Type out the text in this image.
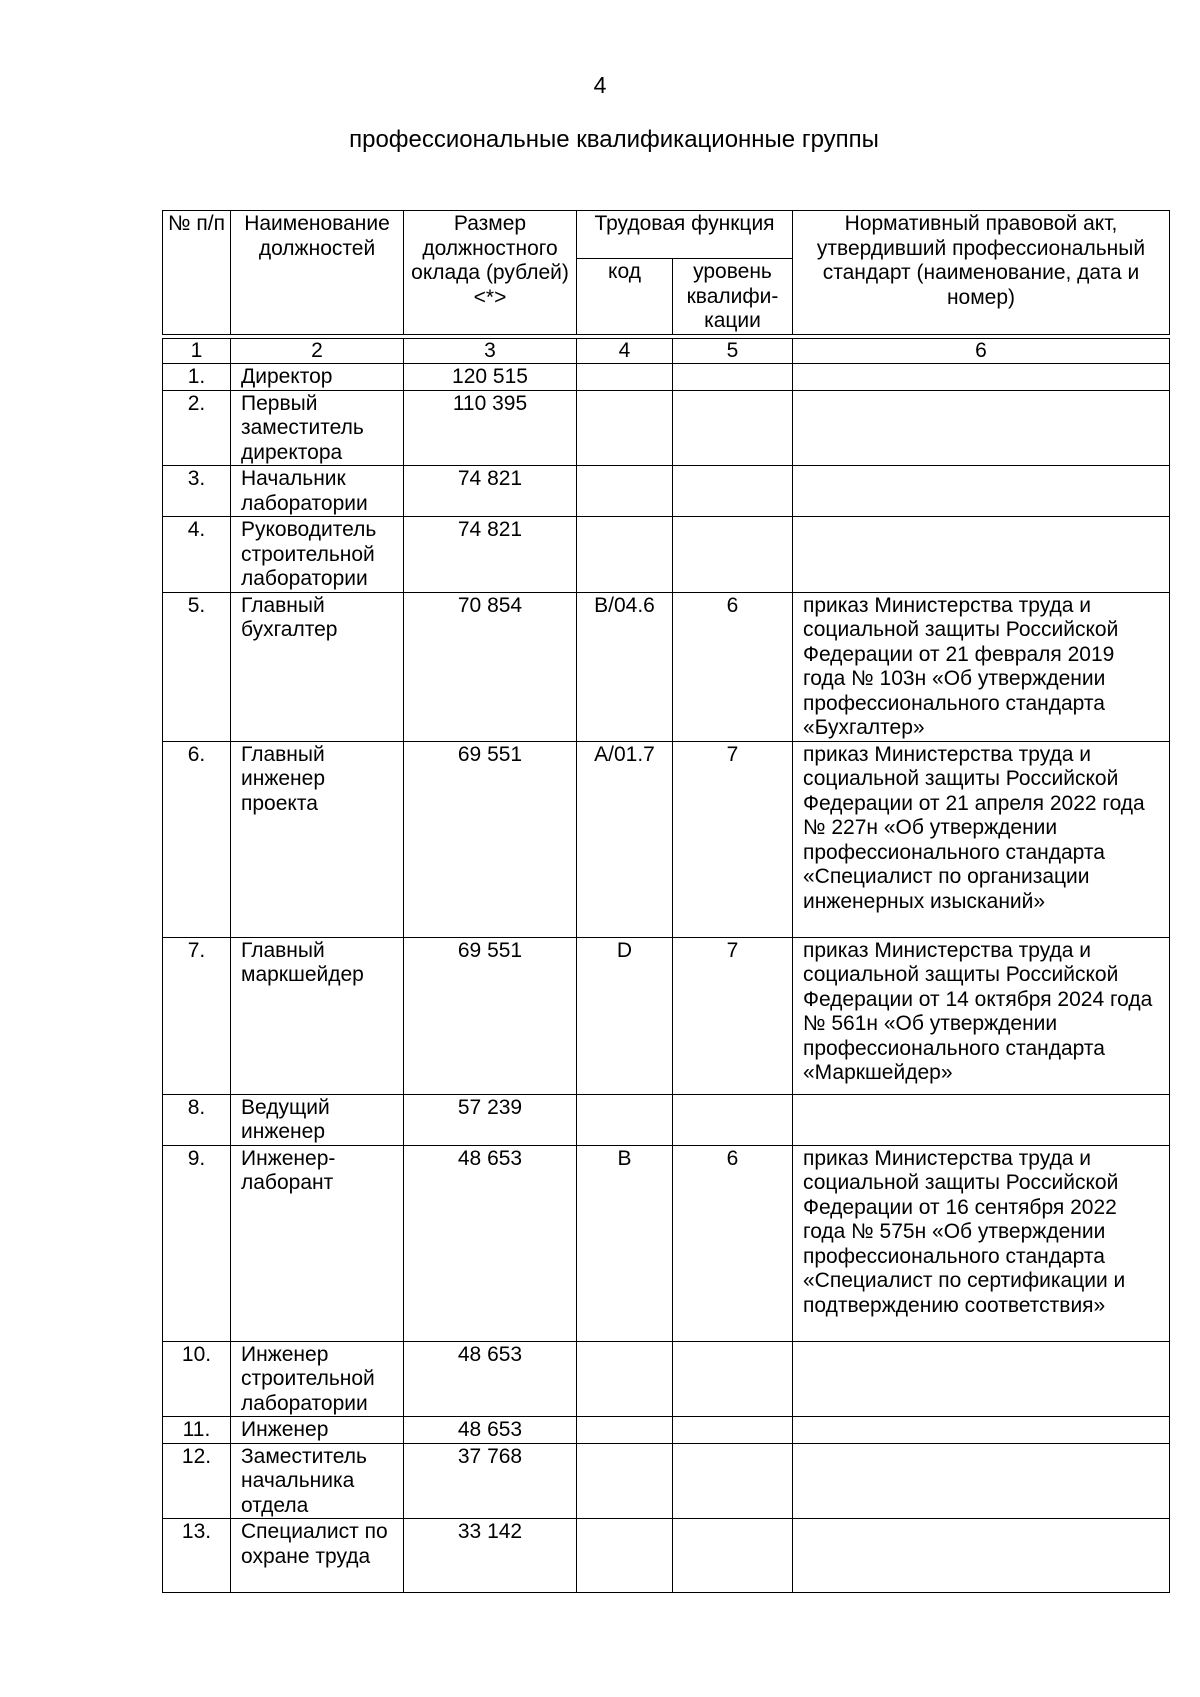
4
профессиональные квалификационные группы
№ п/п	Наименование должностей	Размер должностного оклада (рублей) <*>	Трудовая функция		Нормативный правовой акт, утвердивший профессиональный стандарт (наименование, дата и номер)
			код	уровень квалифи-кации	

1	2	3	4	5	6
1.	Директор	120 515			
2.	Первый заместитель директора	110 395			
3.	Начальник лаборатории	74 821			
4.	Руководитель строительной лаборатории	74 821			
5.	Главный бухгалтер	70 854	В/04.6	6	приказ Министерства труда и социальной защиты Российской Федерации от 21 февраля 2019 года № 103н «Об утверждении профессионального стандарта «Бухгалтер»
6.	Главный инженер проекта	69 551	А/01.7	7	приказ Министерства труда и социальной защиты Российской Федерации от 21 апреля 2022 года № 227н «Об утверждении профессионального стандарта «Специалист по организации инженерных изысканий»
7.	Главный маркшейдер	69 551	D	7	приказ Министерства труда и социальной защиты Российской Федерации от 14 октября 2024 года № 561н «Об утверждении профессионального стандарта «Маркшейдер»
8.	Ведущий инженер	57 239			
9.	Инженер-лаборант	48 653	В	6	приказ Министерства труда и социальной защиты Российской Федерации от 16 сентября 2022 года № 575н «Об утверждении профессионального стандарта «Специалист по сертификации и подтверждению соответствия»
10.	Инженер строительной лаборатории	48 653			
11.	Инженер	48 653			
12.	Заместитель начальника отдела	37 768			
13.	Специалист по охране труда	33 142			
